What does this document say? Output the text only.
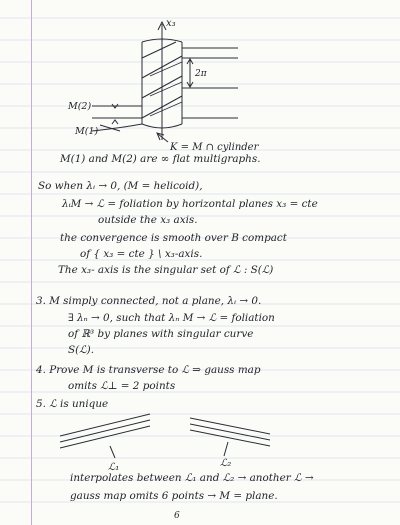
x₃
2π
M(2)
M(1)
K = M ∩ cylinder
M(1) and M(2) are ∞ flat multigraphs.
So when λᵢ → 0, (M = helicoid),
λᵢM → ℒ = foliation by horizontal planes x₃ = cte
outside the x₃ axis.
the convergence is smooth over B compact
of { x₃ = cte } \ x₃-axis.
The x₃- axis is the singular set of ℒ : S(ℒ)
3. M simply connected, not a plane, λᵢ → 0.
∃ λₙ → 0, such that λₙ M → ℒ = foliation
of ℝ³ by planes with singular curve
S(ℒ).
4. Prove M is transverse to ℒ ⇒ gauss map
omits ℒ⊥ = 2 points
5. ℒ is unique
ℒ₁	ℒ₂
interpolates between ℒ₁ and ℒ₂ → another ℒ →
gauss map omits 6 points → M = plane.
6
